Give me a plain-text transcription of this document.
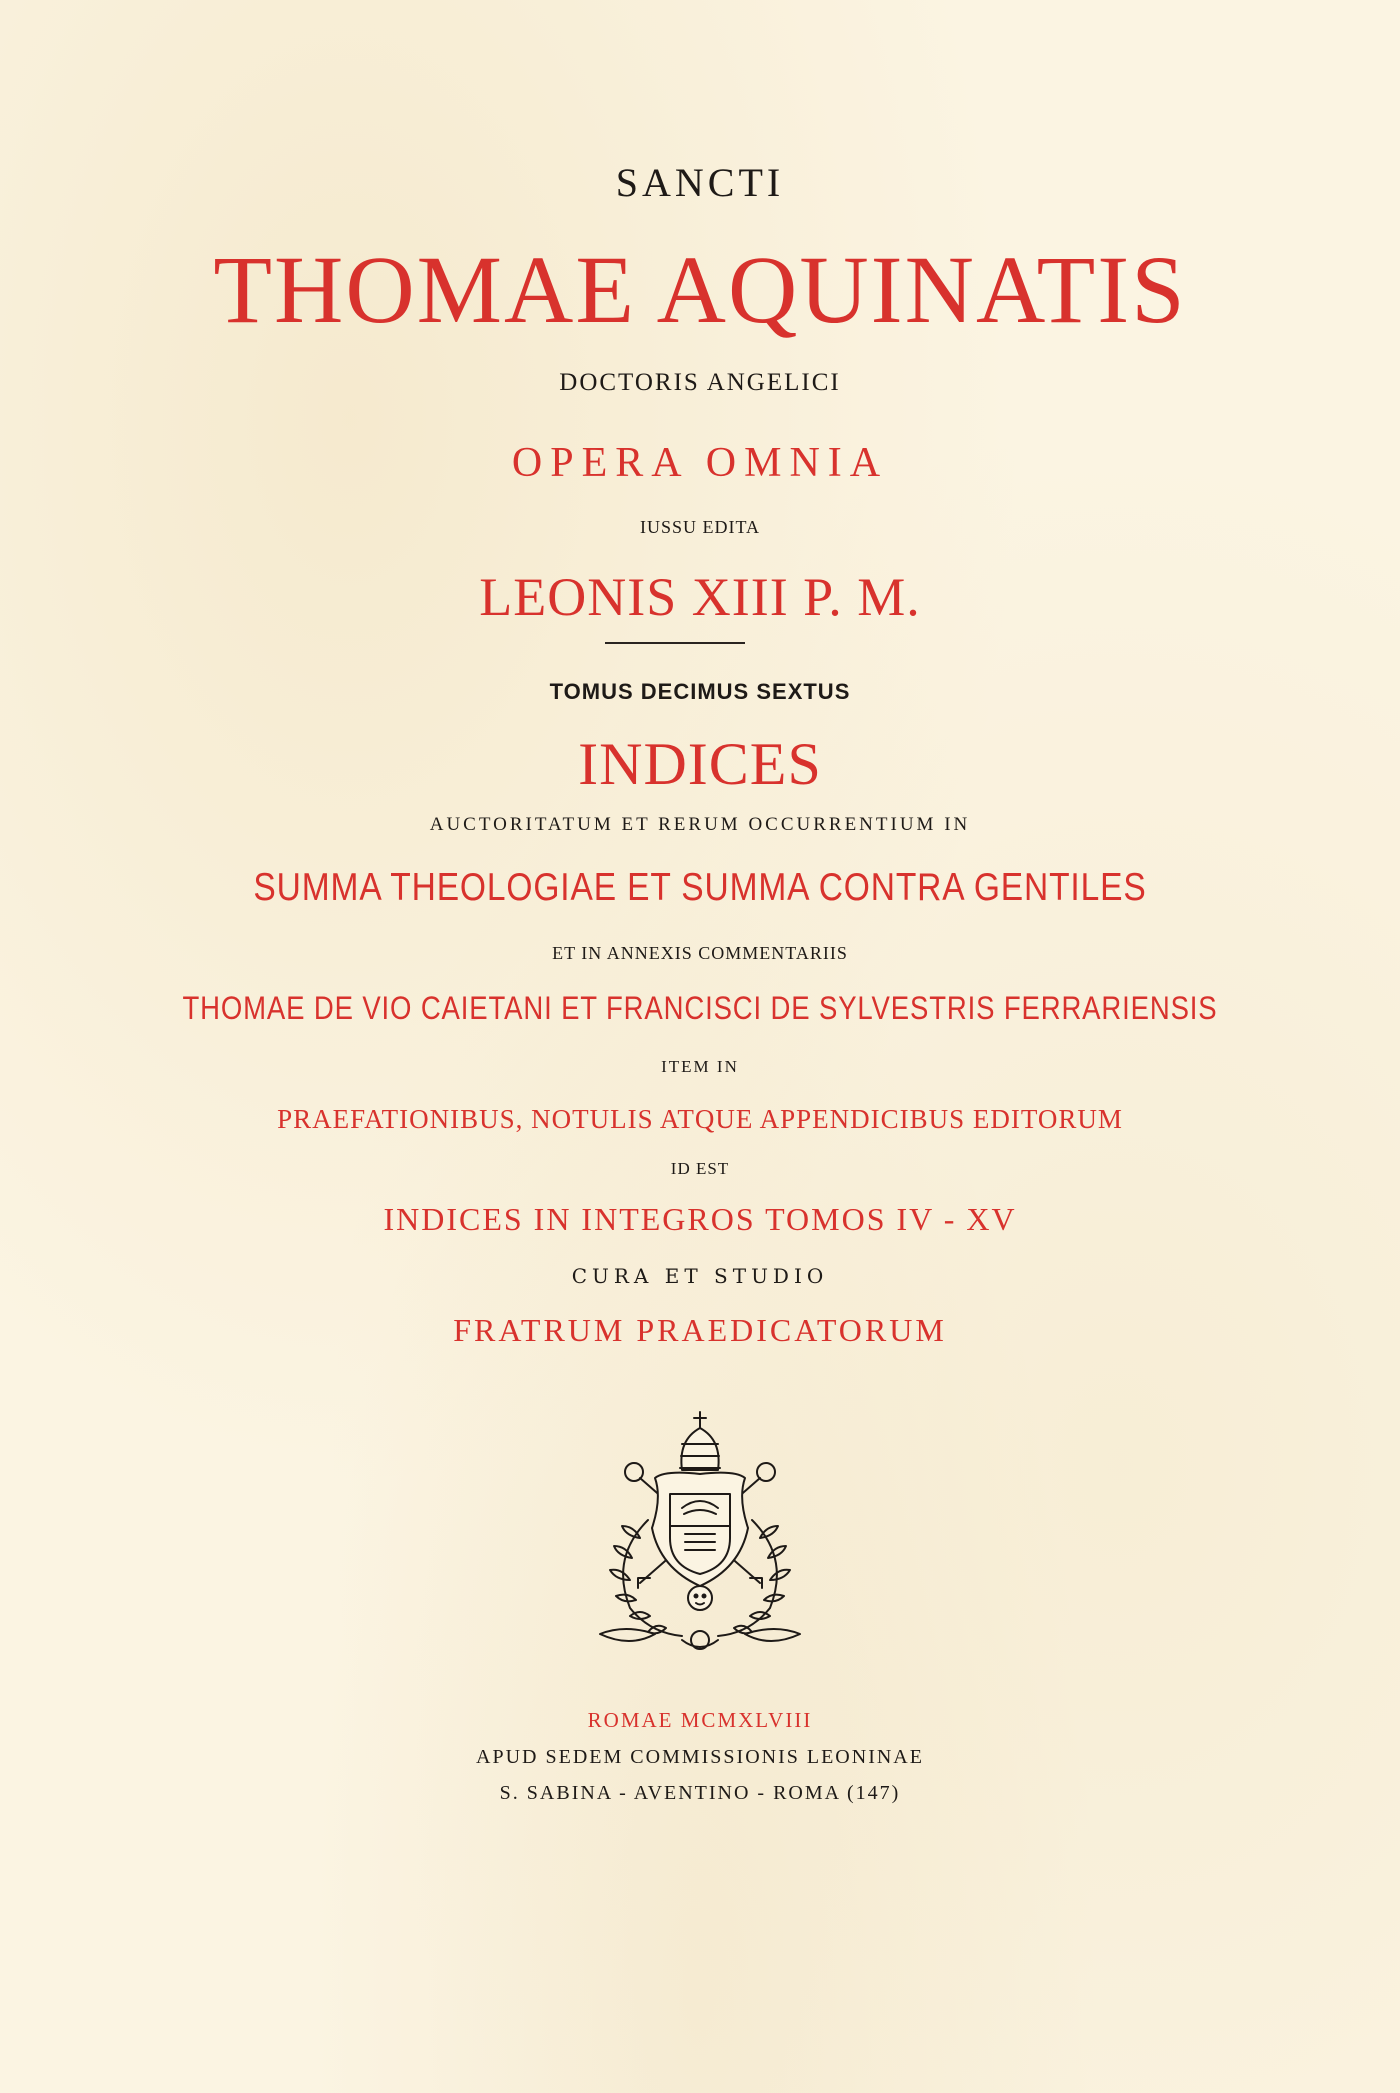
SANCTI
THOMAE AQUINATIS
DOCTORIS ANGELICI
OPERA OMNIA
IUSSU EDITA
LEONIS XIII P. M.
TOMUS DECIMUS SEXTUS
INDICES
AUCTORITATUM ET RERUM OCCURRENTIUM IN
SUMMA THEOLOGIAE ET SUMMA CONTRA GENTILES
ET IN ANNEXIS COMMENTARIIS
THOMAE DE VIO CAIETANI ET FRANCISCI DE SYLVESTRIS FERRARIENSIS
ITEM IN
PRAEFATIONIBUS, NOTULIS ATQUE APPENDICIBUS EDITORUM
ID EST
INDICES IN INTEGROS TOMOS IV - XV
CURA ET STUDIO
FRATRUM PRAEDICATORUM
ROMAE MCMXLVIII
APUD SEDEM COMMISSIONIS LEONINAE
S. SABINA - AVENTINO - ROMA (147)
